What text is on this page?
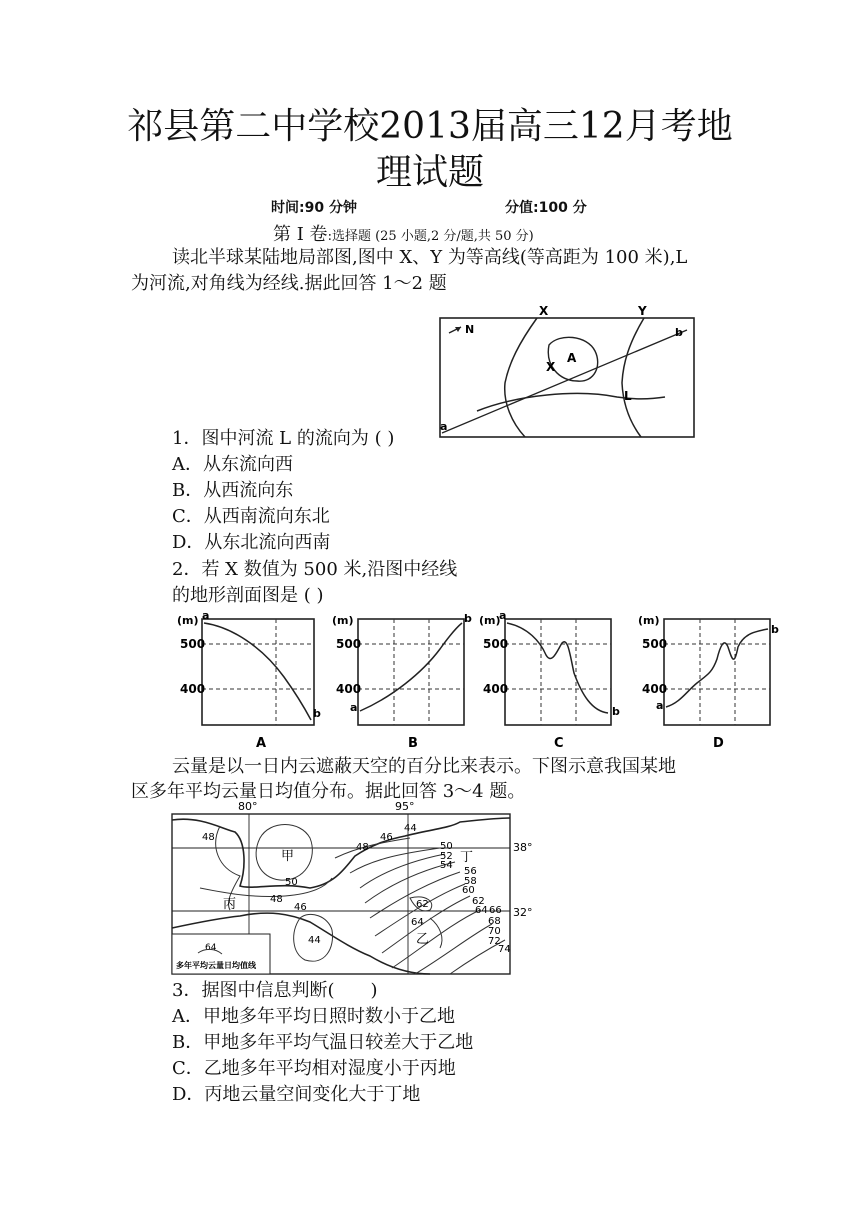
祁县第二中学校2013届高三12月考地
理试题
时间:90 分钟	分值:100 分
第 Ⅰ 卷:选择题 (25 小题,2 分/题,共 50 分)
读北半球某陆地局部图,图中 X、Y 为等高线(等高距为 100 米),L
为河流,对角线为经线.据此回答 1～2 题
N
X	Y
X
A
L
a
b
1．图中河流 L 的流向为 ( )
A．从东流向西
B．从西流向东
C．从西南流向东北
D．从东北流向西南
2．若 X 数值为 500 米,沿图中经线
的地形剖面图是 ( )
(m)
500
400
a
b
A
(m)
500
400
a
b
B
(m)
500
400
a
b
C
(m)
500
400
a
b
D
云量是以一日内云遮蔽天空的百分比来表示。下图示意我国某地
区多年平均云量日均值分布。据此回答 3～4 题。
80°	95°
38°
32°
48
44
46
48	50
52
54
56
58
60
62
64 66
68
70
72
74
50
48
46
44
62
64
甲
乙
丙
丁
64
多年平均云量日均值线
3．据图中信息判断(　　)
A．甲地多年平均日照时数小于乙地
B．甲地多年平均气温日较差大于乙地
C．乙地多年平均相对湿度小于丙地
D．丙地云量空间变化大于丁地
